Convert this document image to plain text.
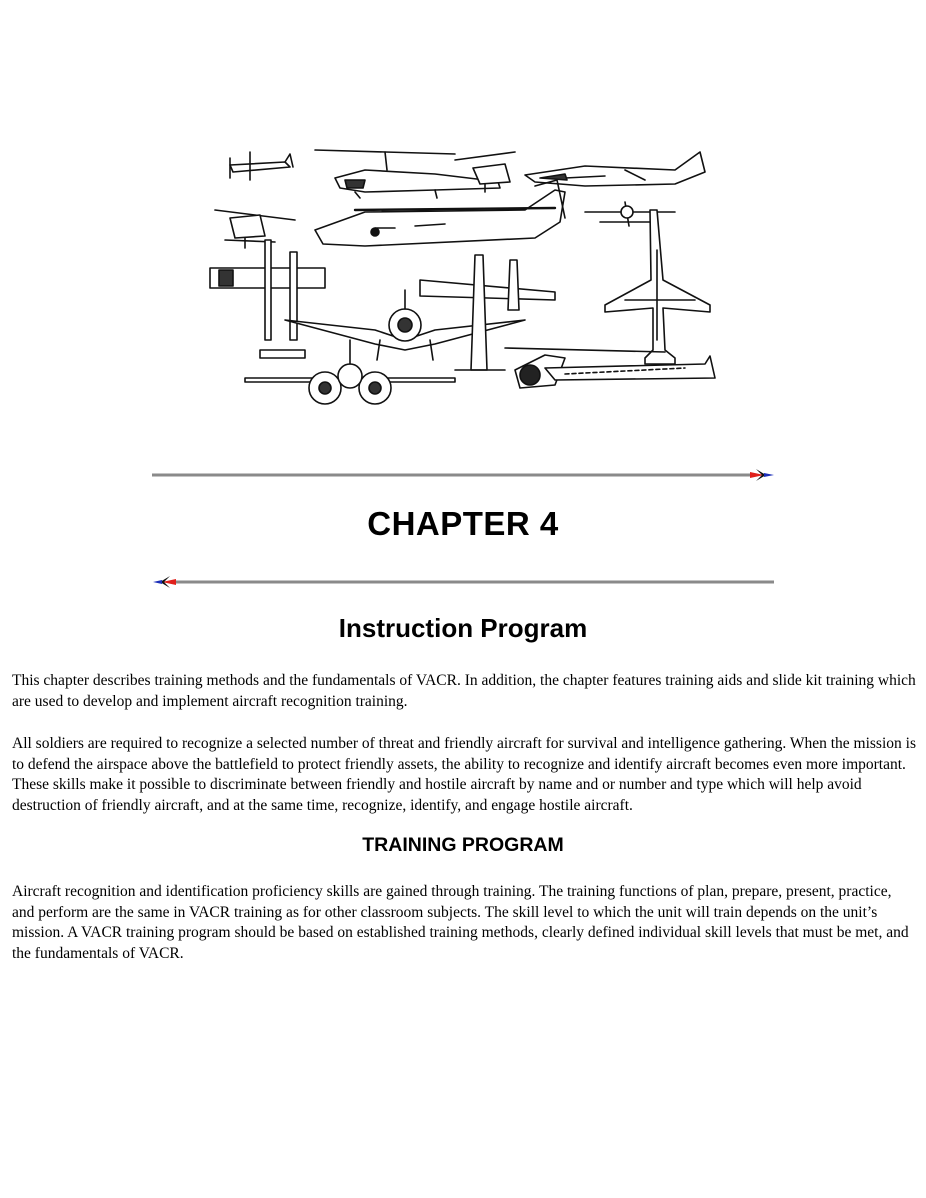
CHAPTER 4
Instruction Program

This chapter describes training methods and the fundamentals of VACR. In addition, the chapter features training aids and slide kit training which are used to develop and implement aircraft recognition training.

All soldiers are required to recognize a selected number of threat and friendly aircraft for survival and intelligence gathering. When the mission is to defend the airspace above the battlefield to protect friendly assets, the ability to recognize and identify aircraft becomes even more important. These skills make it possible to discriminate between friendly and hostile aircraft by name and or number and type which will help avoid destruction of friendly aircraft, and at the same time, recognize, identify, and engage hostile aircraft.

TRAINING PROGRAM

Aircraft recognition and identification proficiency skills are gained through training. The training functions of plan, prepare, present, practice, and perform are the same in VACR training as for other classroom subjects. The skill level to which the unit will train depends on the unit’s mission. A VACR training program should be based on established training methods, clearly defined individual skill levels that must be met, and the fundamentals of VACR.
